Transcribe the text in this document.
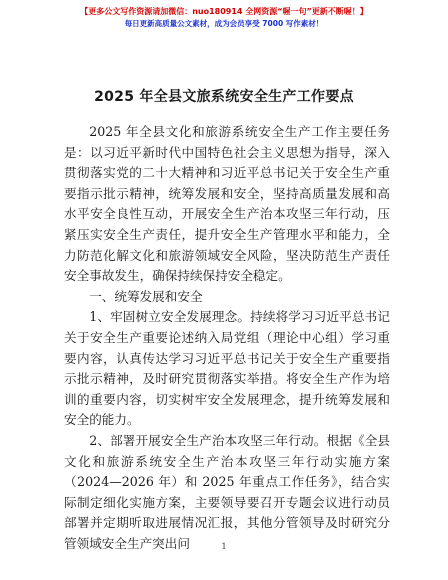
【更多公文写作资源请加微信：nuo180914 全网资源“喔一句”更新不断喔！】
每日更新高质量公文素材，成为会员享受 7000 写作素材！
2025 年全县文旅系统安全生产工作要点

2025 年全县文化和旅游系统安全生产工作主要任务是：以习近平新时代中国特色社会主义思想为指导，深入贯彻落实党的二十大精神和习近平总书记关于安全生产重要指示批示精神，统筹发展和安全，坚持高质量发展和高水平安全良性互动，开展安全生产治本攻坚三年行动，压紧压实安全生产责任，提升安全生产管理水平和能力，全力防范化解文化和旅游领域安全风险，坚决防范生产责任安全事故发生，确保持续保持安全稳定。

一、统筹发展和安全

1、牢固树立安全发展理念。持续将学习习近平总书记关于安全生产重要论述纳入局党组（理论中心组）学习重要内容，认真传达学习习近平总书记关于安全生产重要指示批示精神，及时研究贯彻落实举措。将安全生产作为培训的重要内容，切实树牢安全发展理念，提升统筹发展和安全的能力。

2、部署开展安全生产治本攻坚三年行动。根据《全县文化和旅游系统安全生产治本攻坚三年行动实施方案（2024—2026 年）和 2025 年重点工作任务》，结合实际制定细化实施方案，主要领导要召开专题会议进行动员部署并定期听取进展情况汇报，其他分管领导及时研究分管领域安全生产突出问	1
